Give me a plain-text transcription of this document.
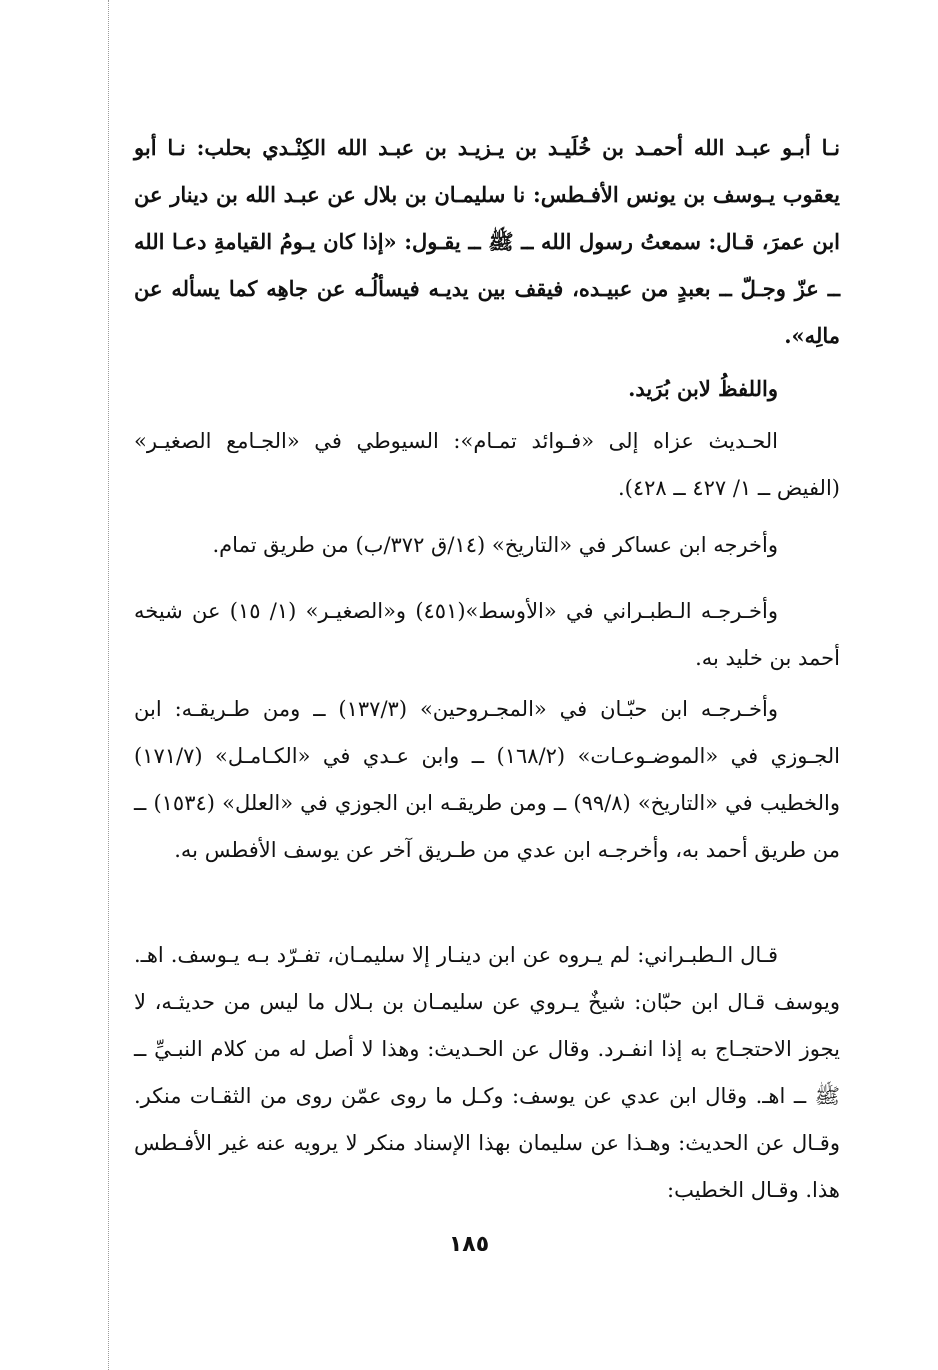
نـا أبـو عبـد الله أحمـد بن خُلَيـد بن يـزيـد بن عبـد الله الكِنْـدي بحلب: نـا أبو يعقوب يـوسف بن يونس الأفـطس: نا سليمـان بن بلال عن عبـد الله بن دينار عن ابن عمرَ، قـال: سمعتُ رسول الله ــ ﷺ ــ يقـول: «إذا كان يـومُ القيامةِ دعـا الله ــ عزّ وجـلّ ــ بعبدٍ من عبيـده، فيقف بين يديـه فيسألُـه عن جاهِه كما يسأله عن مالِه».

واللفظُ لابن بُرَيد.

الحـديث عزاه إلى «فـوائد تمـام»: السيوطي في «الجـامع الصغيـر» (الفيض ــ ١/ ٤٢٧ ــ ٤٢٨).

وأخرجه ابن عساكر في «التاريخ» (١٤/ق ٣٧٢/ب) من طريق تمام.

وأخـرجـه الـطبـراني في «الأوسط»(٤٥١) و«الصغيـر» (١/ ١٥) عن شيخه أحمد بن خليد به.

وأخـرجـه ابن حبّـان في «المجـروحين» (١٣٧/٣) ــ ومن طـريقـه: ابن الجـوزي في «الموضـوعـات» (١٦٨/٢) ــ وابن عـدي في «الكـامـل» (١٧١/٧) والخطيب في «التاريخ» (٩٩/٨) ــ ومن طريقـه ابن الجوزي في «العلل» (١٥٣٤) ــ من طريق أحمد به، وأخرجـه ابن عدي من طـريق آخر عن يوسف الأفطس به.

قـال الـطبـراني: لم يـروه عن ابن دينـار إلا سليمـان، تفـرّد بـه يـوسف. اهـ. ويوسف قـال ابن حبّان: شيخٌ يـروي عن سليمـان بن بـلال ما ليس من حديثـه، لا يجوز الاحتجـاج به إذا انفـرد. وقال عن الحـديث: وهذا لا أصل له من كلام النبـيِّ ــ ﷺ ــ اهـ. وقال ابن عدي عن يوسف: وكـل ما روى عمّن روى من الثقـات منكر. وقـال عن الحديث: وهـذا عن سليمان بهذا الإسناد منكر لا يرويه عنه غير الأفـطس هذا. وقـال الخطيب:

١٨٥
